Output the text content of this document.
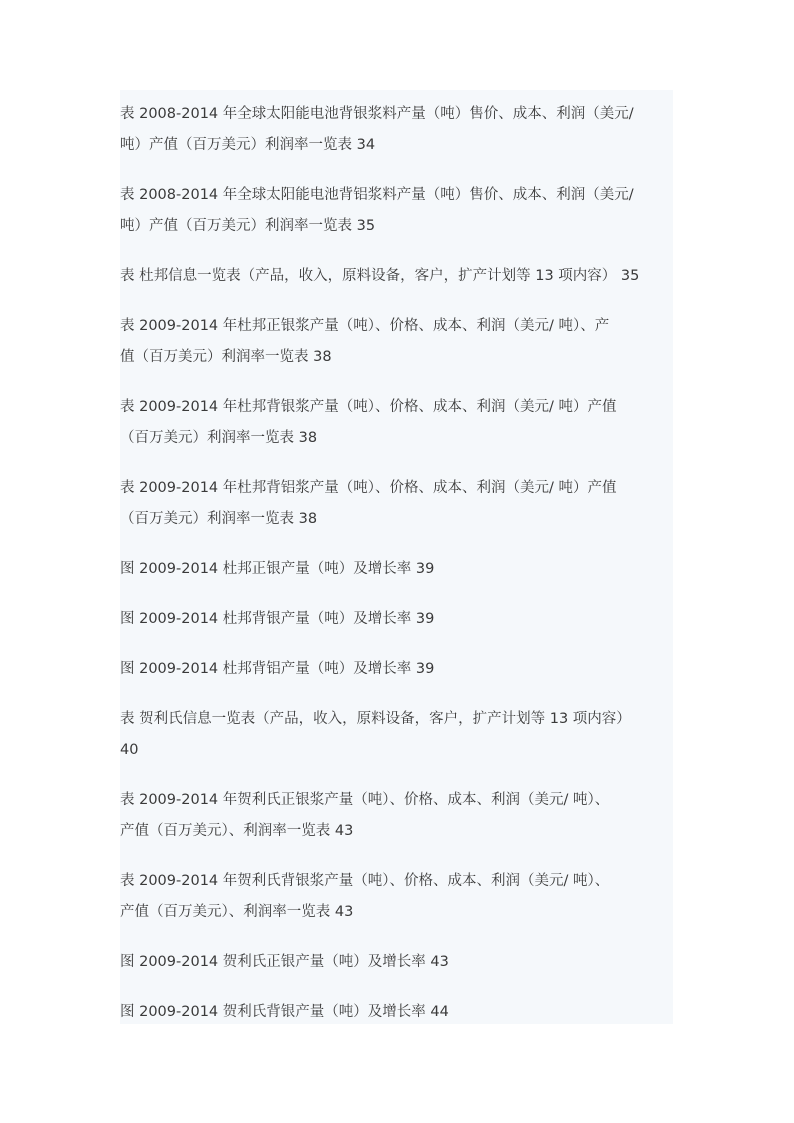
表 2008-2014 年全球太阳能电池背银浆料产量（吨）售价、成本、利润（美元/
吨）产值（百万美元）利润率一览表 34
表 2008-2014 年全球太阳能电池背铝浆料产量（吨）售价、成本、利润（美元/
吨）产值（百万美元）利润率一览表 35
表 杜邦信息一览表（产品，收入，原料设备，客户，扩产计划等 13 项内容） 35
表 2009-2014 年杜邦正银浆产量（吨）、价格、成本、利润（美元/ 吨）、产
值（百万美元）利润率一览表 38
表 2009-2014 年杜邦背银浆产量（吨）、价格、成本、利润（美元/ 吨）产值
（百万美元）利润率一览表 38
表 2009-2014 年杜邦背铝浆产量（吨）、价格、成本、利润（美元/ 吨）产值
（百万美元）利润率一览表 38
图 2009-2014 杜邦正银产量（吨）及增长率 39
图 2009-2014 杜邦背银产量（吨）及增长率 39
图 2009-2014 杜邦背铝产量（吨）及增长率 39
表 贺利氏信息一览表（产品，收入，原料设备，客户，扩产计划等 13 项内容）
40
表 2009-2014 年贺利氏正银浆产量（吨）、价格、成本、利润（美元/ 吨）、
产值（百万美元）、利润率一览表 43
表 2009-2014 年贺利氏背银浆产量（吨）、价格、成本、利润（美元/ 吨）、
产值（百万美元）、利润率一览表 43
图 2009-2014 贺利氏正银产量（吨）及增长率 43
图 2009-2014 贺利氏背银产量（吨）及增长率 44
